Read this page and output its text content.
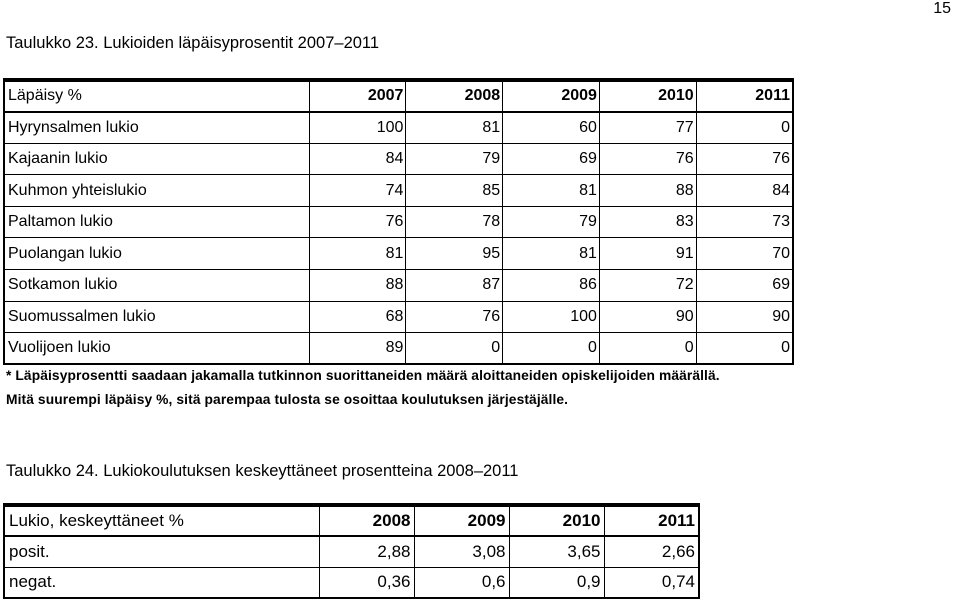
15
Taulukko 23. Lukioiden läpäisyprosentit 2007–2011
Läpäisy %	2007	2008	2009	2010	2011
Hyrynsalmen lukio	100	81	60	77	0
Kajaanin lukio	84	79	69	76	76
Kuhmon yhteislukio	74	85	81	88	84
Paltamon lukio	76	78	79	83	73
Puolangan lukio	81	95	81	91	70
Sotkamon lukio	88	87	86	72	69
Suomussalmen lukio	68	76	100	90	90
Vuolijoen lukio	89	0	0	0	0
* Läpäisyprosentti saadaan jakamalla tutkinnon suorittaneiden määrä aloittaneiden opiskelijoiden määrällä.
Mitä suurempi läpäisy %, sitä parempaa tulosta se osoittaa koulutuksen järjestäjälle.
Taulukko 24. Lukiokoulutuksen keskeyttäneet prosentteina 2008–2011
Lukio, keskeyttäneet %	2008	2009	2010	2011
posit.	2,88	3,08	3,65	2,66
negat.	0,36	0,6	0,9	0,74
